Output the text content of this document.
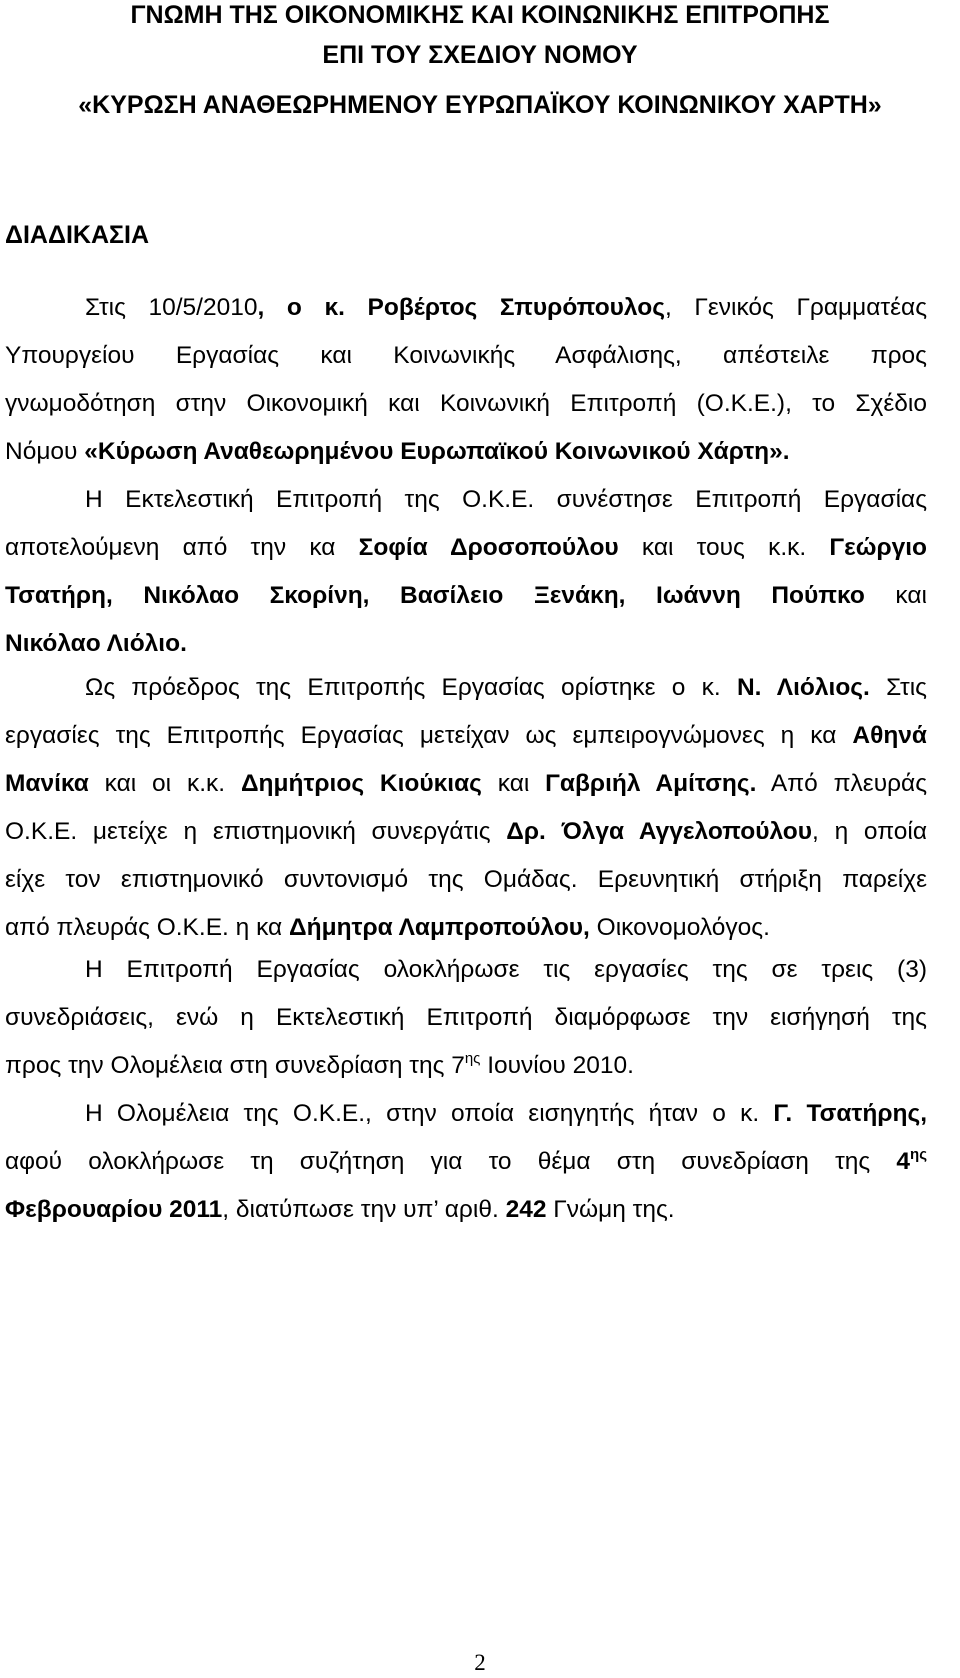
ΓΝΩΜΗ ΤΗΣ ΟΙΚΟΝΟΜΙΚΗΣ ΚΑΙ ΚΟΙΝΩΝΙΚΗΣ ΕΠΙΤΡΟΠΗΣ
ΕΠΙ ΤΟΥ ΣΧΕΔΙΟΥ ΝΟΜΟΥ
«ΚΥΡΩΣΗ ΑΝΑΘΕΩΡΗΜΕΝΟΥ ΕΥΡΩΠΑΪΚΟΥ ΚΟΙΝΩΝΙΚΟΥ ΧΑΡΤΗ»
ΔΙΑΔΙΚΑΣΙΑ
Στις 10/5/2010, ο κ. Ροβέρτος Σπυρόπουλος, Γενικός Γραμματέας
Υπουργείου Εργασίας και Κοινωνικής Ασφάλισης, απέστειλε προς
γνωμοδότηση στην Οικονομική και Κοινωνική Επιτροπή (Ο.Κ.Ε.), το Σχέδιο
Νόμου «Κύρωση Αναθεωρημένου Ευρωπαϊκού Κοινωνικού Χάρτη».
Η Εκτελεστική Επιτροπή της Ο.Κ.Ε. συνέστησε Επιτροπή Εργασίας
αποτελούμενη από την κα Σοφία Δροσοπούλου και τους κ.κ. Γεώργιο
Τσατήρη, Νικόλαο Σκορίνη, Βασίλειο Ξενάκη, Ιωάννη Πούπκο και
Νικόλαο Λιόλιο.
Ως πρόεδρος της Επιτροπής Εργασίας ορίστηκε ο κ. Ν. Λιόλιος. Στις
εργασίες της Επιτροπής Εργασίας μετείχαν ως εμπειρογνώμονες η κα Αθηνά
Μανίκα και οι κ.κ. Δημήτριος Κιούκιας και Γαβριήλ Αμίτσης. Από πλευράς
Ο.Κ.Ε. μετείχε η επιστημονική συνεργάτις Δρ. Όλγα Αγγελοπούλου, η οποία
είχε τον επιστημονικό συντονισμό της Ομάδας. Ερευνητική στήριξη παρείχε
από πλευράς Ο.Κ.Ε. η κα Δήμητρα Λαμπροπούλου, Οικονομολόγος.
Η Επιτροπή Εργασίας ολοκλήρωσε τις εργασίες της σε τρεις (3)
συνεδριάσεις, ενώ η Εκτελεστική Επιτροπή διαμόρφωσε την εισήγησή της
προς την Ολομέλεια στη συνεδρίαση της $7^{\eta\varsigma}$ Ιουνίου 2010.
Η Ολομέλεια της Ο.Κ.Ε., στην οποία εισηγητής ήταν ο κ. Γ. Τσατήρης,
αφού ολοκλήρωσε τη συζήτηση για το θέμα στη συνεδρίαση της $4^{\eta\varsigma}$
Φεβρουαρίου 2011, διατύπωσε την υπ’ αριθ. 242 Γνώμη της.
2
